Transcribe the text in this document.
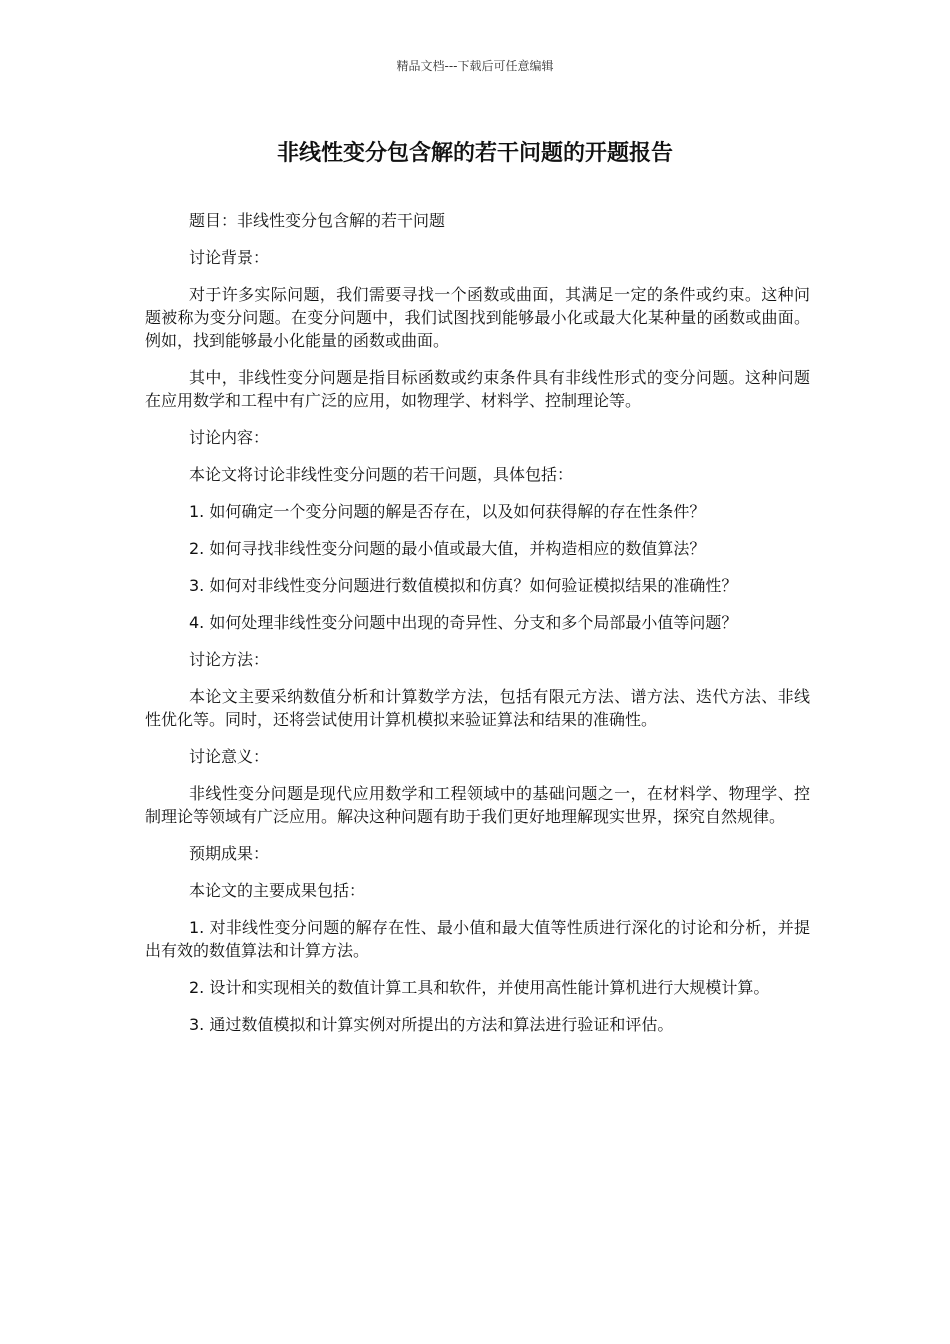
精品文档---下载后可任意编辑
非线性变分包含解的若干问题的开题报告

题目：非线性变分包含解的若干问题

讨论背景：

对于许多实际问题，我们需要寻找一个函数或曲面，其满足一定的条件或约束。这种问题被称为变分问题。在变分问题中，我们试图找到能够最小化或最大化某种量的函数或曲面。例如，找到能够最小化能量的函数或曲面。

其中，非线性变分问题是指目标函数或约束条件具有非线性形式的变分问题。这种问题在应用数学和工程中有广泛的应用，如物理学、材料学、控制理论等。

讨论内容：

本论文将讨论非线性变分问题的若干问题，具体包括：

1. 如何确定一个变分问题的解是否存在，以及如何获得解的存在性条件？

2. 如何寻找非线性变分问题的最小值或最大值，并构造相应的数值算法？

3. 如何对非线性变分问题进行数值模拟和仿真？如何验证模拟结果的准确性？

4. 如何处理非线性变分问题中出现的奇异性、分支和多个局部最小值等问题？

讨论方法：

本论文主要采纳数值分析和计算数学方法，包括有限元方法、谱方法、迭代方法、非线性优化等。同时，还将尝试使用计算机模拟来验证算法和结果的准确性。

讨论意义：

非线性变分问题是现代应用数学和工程领域中的基础问题之一，在材料学、物理学、控制理论等领域有广泛应用。解决这种问题有助于我们更好地理解现实世界，探究自然规律。

预期成果：

本论文的主要成果包括：

1. 对非线性变分问题的解存在性、最小值和最大值等性质进行深化的讨论和分析，并提出有效的数值算法和计算方法。

2. 设计和实现相关的数值计算工具和软件，并使用高性能计算机进行大规模计算。

3. 通过数值模拟和计算实例对所提出的方法和算法进行验证和评估。
